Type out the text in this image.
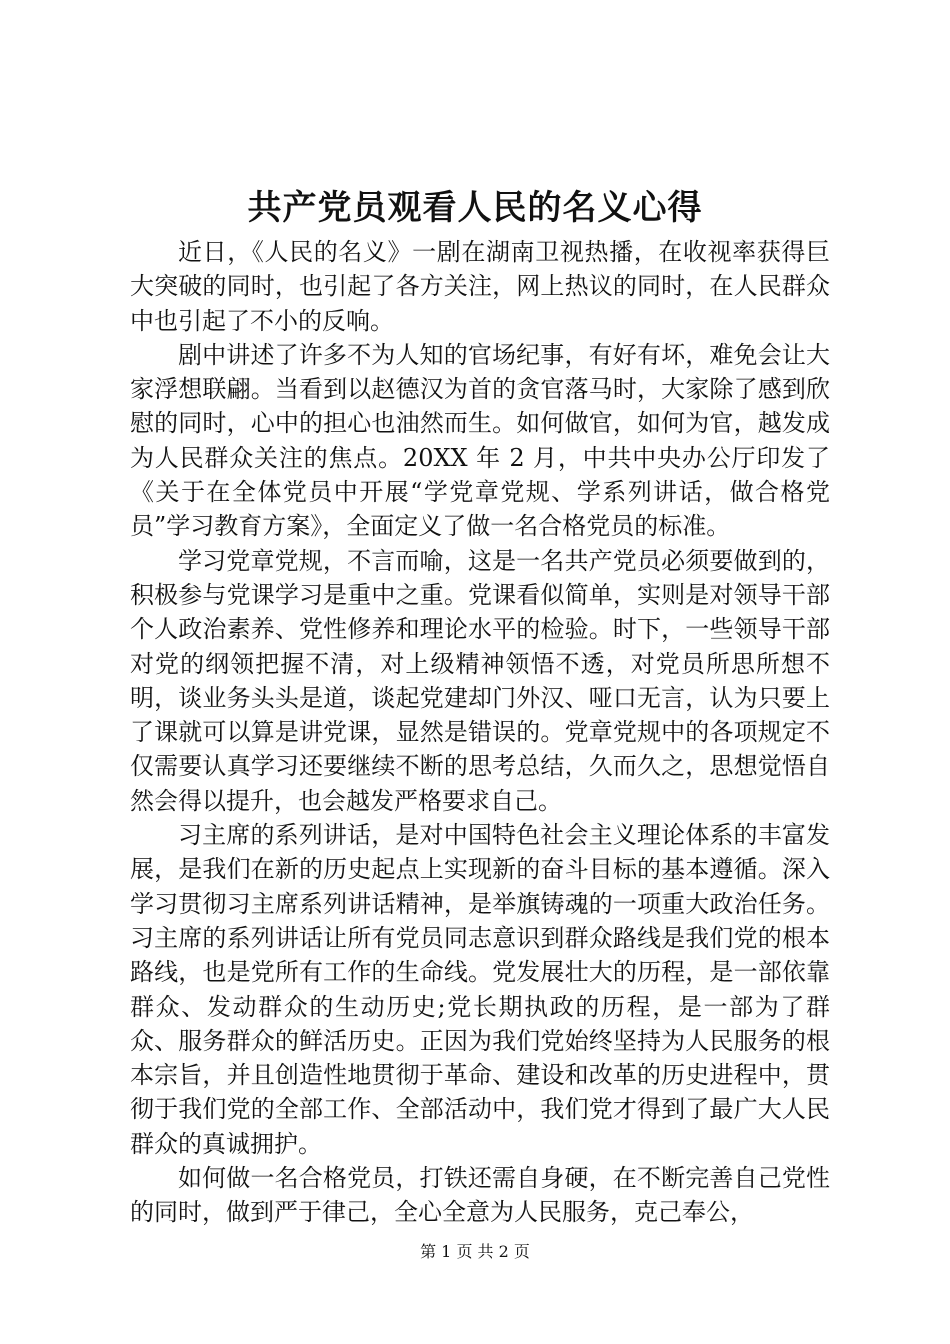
共产党员观看人民的名义心得

近日，《人民的名义》一剧在湖南卫视热播，在收视率获得巨大突破的同时，也引起了各方关注，网上热议的同时，在人民群众中也引起了不小的反响。

剧中讲述了许多不为人知的官场纪事，有好有坏，难免会让大家浮想联翩。当看到以赵德汉为首的贪官落马时，大家除了感到欣慰的同时，心中的担心也油然而生。如何做官，如何为官，越发成为人民群众关注的焦点。20XX 年 2 月，中共中央办公厅印发了《关于在全体党员中开展“学党章党规、学系列讲话，做合格党员”学习教育方案》，全面定义了做一名合格党员的标准。

学习党章党规，不言而喻，这是一名共产党员必须要做到的，积极参与党课学习是重中之重。党课看似简单，实则是对领导干部个人政治素养、党性修养和理论水平的检验。时下，一些领导干部对党的纲领把握不清，对上级精神领悟不透，对党员所思所想不明，谈业务头头是道，谈起党建却门外汉、哑口无言，认为只要上了课就可以算是讲党课，显然是错误的。党章党规中的各项规定不仅需要认真学习还要继续不断的思考总结，久而久之，思想觉悟自然会得以提升，也会越发严格要求自己。

习主席的系列讲话，是对中国特色社会主义理论体系的丰富发展，是我们在新的历史起点上实现新的奋斗目标的基本遵循。深入学习贯彻习主席系列讲话精神，是举旗铸魂的一项重大政治任务。习主席的系列讲话让所有党员同志意识到群众路线是我们党的根本路线，也是党所有工作的生命线。党发展壮大的历程，是一部依靠群众、发动群众的生动历史;党长期执政的历程，是一部为了群众、服务群众的鲜活历史。正因为我们党始终坚持为人民服务的根本宗旨，并且创造性地贯彻于革命、建设和改革的历史进程中，贯彻于我们党的全部工作、全部活动中，我们党才得到了最广大人民群众的真诚拥护。

如何做一名合格党员，打铁还需自身硬，在不断完善自己党性的同时，做到严于律己，全心全意为人民服务，克己奉公，

第 1 页 共 2 页
